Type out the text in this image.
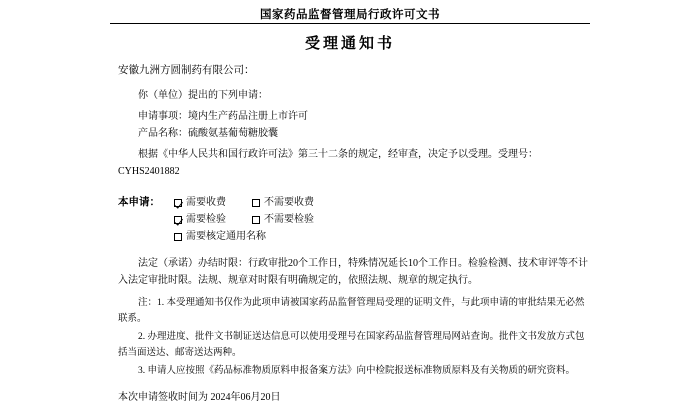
国家药品监督管理局行政许可文书
受理通知书
安徽九洲方圆制药有限公司：
你（单位）提出的下列申请：
申请事项：境内生产药品注册上市许可
产品名称：硫酸氨基葡萄糖胶囊
根据《中华人民共和国行政许可法》第三十二条的规定，经审查，决定予以受理。受理号：CYHS2401882
本申请：	需要收费	不需要收费
需要检验	不需要检验
需要核定通用名称
法定（承诺）办结时限：行政审批20个工作日，特殊情况延长10个工作日。检验检测、技术审评等不计入法定审批时限。法规、规章对时限有明确规定的，依照法规、规章的规定执行。
注：1. 本受理通知书仅作为此项申请被国家药品监督管理局受理的证明文件，与此项申请的审批结果无必然联系。
2. 办理进度、批件文书制证送达信息可以使用受理号在国家药品监督管理局网站查询。批件文书发放方式包括当面送达、邮寄送达两种。
3. 申请人应按照《药品标准物质原料申报备案方法》向中检院报送标准物质原料及有关物质的研究资料。
本次申请签收时间为 2024年06月20日
